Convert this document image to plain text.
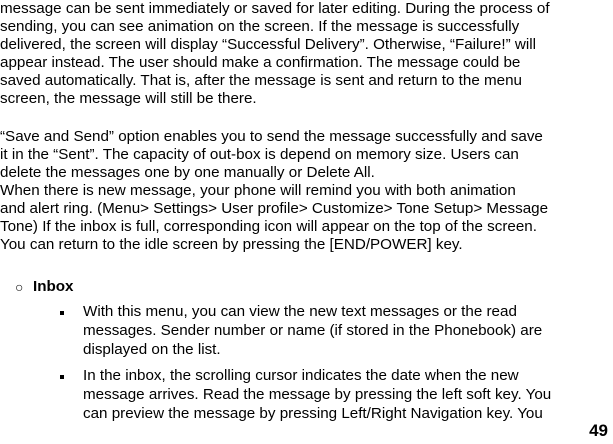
message can be sent immediately or saved for later editing. During the process of
sending, you can see animation on the screen. If the message is successfully
delivered, the screen will display “Successful Delivery”. Otherwise, “Failure!” will
appear instead. The user should make a confirmation. The message could be
saved automatically. That is, after the message is sent and return to the menu
screen, the message will still be there.
“Save and Send” option enables you to send the message successfully and save
it in the “Sent”. The capacity of out-box is depend on memory size. Users can
delete the messages one by one manually or Delete All.
When there is new message, your phone will remind you with both animation
and alert ring. (Menu> Settings> User profile> Customize> Tone Setup> Message
Tone) If the inbox is full, corresponding icon will appear on the top of the screen.
You can return to the idle screen by pressing the [END/POWER] key.
○ Inbox
With this menu, you can view the new text messages or the read
messages. Sender number or name (if stored in the Phonebook) are
displayed on the list.
In the inbox, the scrolling cursor indicates the date when the new
message arrives. Read the message by pressing the left soft key. You
can preview the message by pressing Left/Right Navigation key. You
49
